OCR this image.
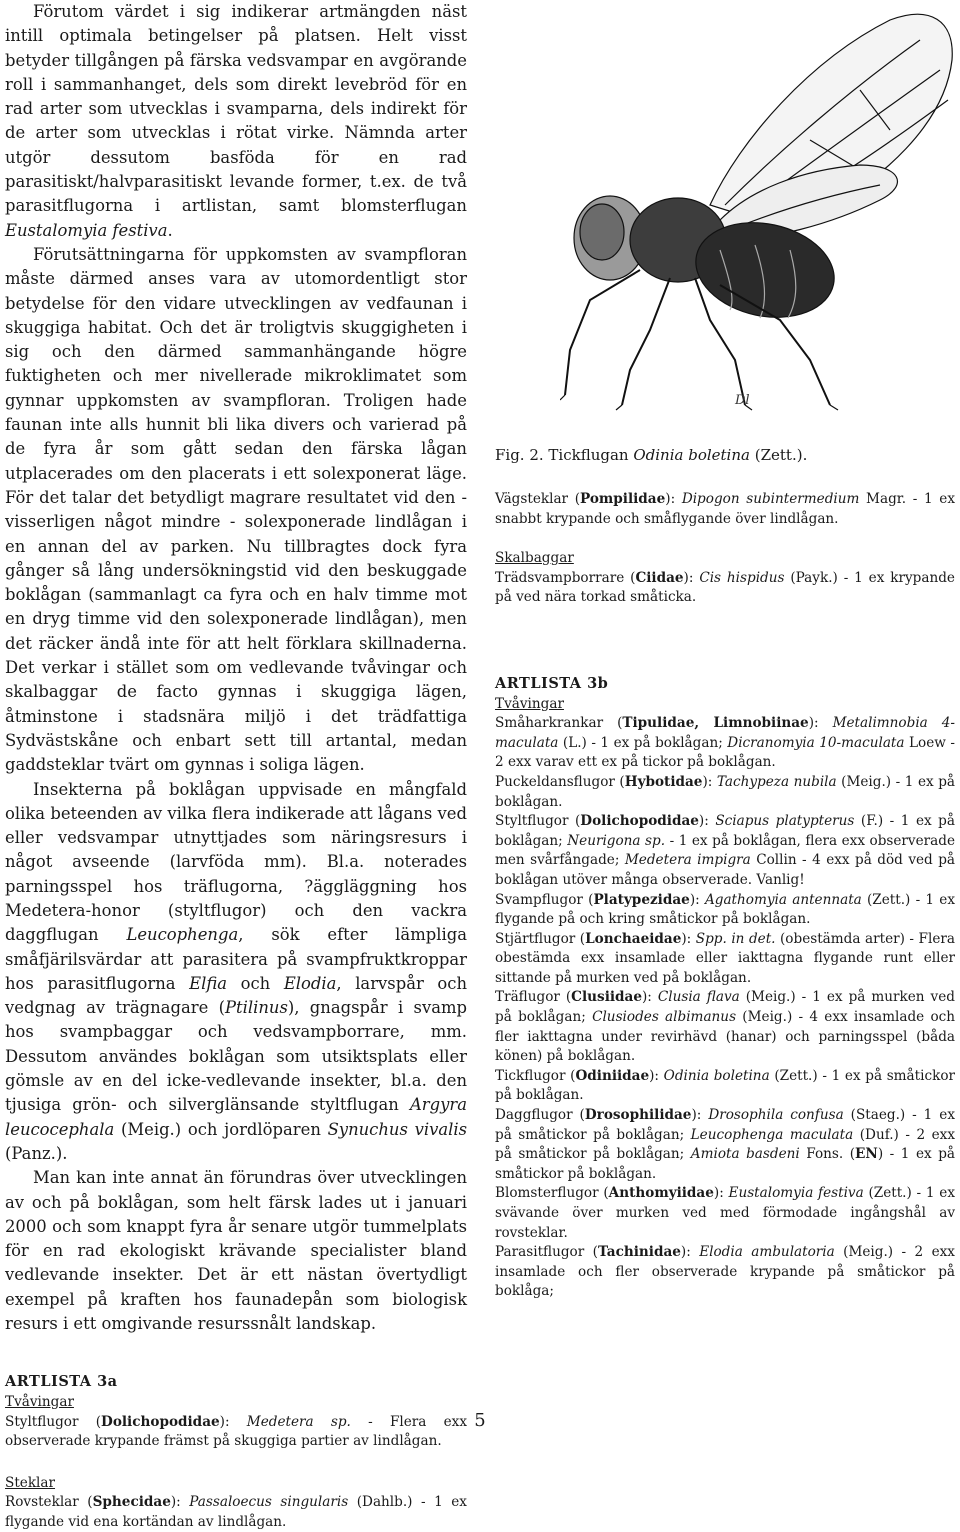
Förutom värdet i sig indikerar artmängden näst intill optimala betingelser på platsen. Helt visst betyder tillgången på färska vedsvampar en avgörande roll i sammanhanget, dels som direkt levebröd för en rad arter som utvecklas i svamparna, dels indirekt för de arter som utvecklas i rötat virke. Nämnda arter utgör dessutom basföda för en rad parasitiskt/halvparasitiskt levande former, t.ex. de två parasitflugorna i artlistan, samt blomsterflugan Eustalomyia festiva.

Förutsättningarna för uppkomsten av svampfloran måste därmed anses vara av utomordentligt stor betydelse för den vidare utvecklingen av vedfaunan i skuggiga habitat. Och det är troligtvis skuggigheten i sig och den därmed sammanhängande högre fuktigheten och mer nivellerade mikroklimatet som gynnar uppkomsten av svampfloran. Troligen hade faunan inte alls hunnit bli lika divers och varierad på de fyra år som gått sedan den färska lågan utplacerades om den placerats i ett solexponerat läge. För det talar det betydligt magrare resultatet vid den - visserligen något mindre - solexponerade lindlågan i en annan del av parken. Nu tillbragtes dock fyra gånger så lång undersökningstid vid den beskuggade boklågan (sammanlagt ca fyra och en halv timme mot en dryg timme vid den solexponerade lindlågan), men det räcker ändå inte för att helt förklara skillnaderna. Det verkar i stället som om vedlevande tvåvingar och skalbaggar de facto gynnas i skuggiga lägen, åtminstone i stadsnära miljö i det trädfattiga Sydvästskåne och enbart sett till artantal, medan gaddsteklar tvärt om gynnas i soliga lägen.

Insekterna på boklågan uppvisade en mångfald olika beteenden av vilka flera indikerade att lågans ved eller vedsvampar utnyttjades som näringsresurs i något avseende (larvföda mm). Bl.a. noterades parningsspel hos träflugorna, ?äggläggning hos Medetera-honor (styltflugor) och den vackra daggflugan Leucophenga, sök efter lämpliga småfjärilsvärdar att parasitera på svampfruktkroppar hos parasitflugorna Elfia och Elodia, larvspår och vedgnag av trägnagare (Ptilinus), gnagspår i svamp hos svampbaggar och vedsvampborrare, mm. Dessutom användes boklågan som utsiktsplats eller gömsle av en del icke-vedlevande insekter, bl.a. den tjusiga grön- och silverglänsande styltflugan Argyra leucocephala (Meig.) och jordlöparen Synuchus vivalis (Panz.).

Man kan inte annat än förundras över utvecklingen av och på boklågan, som helt färsk lades ut i januari 2000 och som knappt fyra år senare utgör tummelplats för en rad ekologiskt krävande specialister bland vedlevande insekter. Det är ett nästan övertydligt exempel på kraften hos faunadepån som biologisk resurs i ett omgivande resurssnålt landskap.

ARTLISTA 3a

Tvåvingar

Styltflugor (Dolichopodidae): Medetera sp. - Flera exx observerade krypande främst på skuggiga partier av lindlågan.

Steklar

Rovsteklar (Sphecidae): Passaloecus singularis (Dahlb.) - 1 ex flygande vid ena kortändan av lindlågan.

Dl

Fig. 2. Tickflugan Odinia boletina (Zett.).

Vägsteklar (Pompilidae): Dipogon subintermedium Magr. - 1 ex snabbt krypande och småflygande över lindlågan.

Skalbaggar

Trädsvampborrare (Ciidae): Cis hispidus (Payk.) - 1 ex krypande på ved nära torkad småticka.

ARTLISTA 3b

Tvåvingar

Småharkrankar (Tipulidae, Limnobiinae): Metalimnobia 4-maculata (L.) - 1 ex på boklågan; Dicranomyia 10-maculata Loew - 2 exx varav ett ex på tickor på boklågan.

Puckeldansflugor (Hybotidae): Tachypeza nubila (Meig.) - 1 ex på boklågan.

Styltflugor (Dolichopodidae): Sciapus platypterus (F.) - 1 ex på boklågan; Neurigona sp. - 1 ex på boklågan, flera exx observerade men svårfångade; Medetera impigra Collin - 4 exx på död ved på boklågan utöver många observerade. Vanlig!

Svampflugor (Platypezidae): Agathomyia antennata (Zett.) - 1 ex flygande på och kring småtickor på boklågan.

Stjärtflugor (Lonchaeidae): Spp. in det. (obestämda arter) - Flera obestämda exx insamlade eller iakttagna flygande runt eller sittande på murken ved på boklågan.

Träflugor (Clusiidae): Clusia flava (Meig.) - 1 ex på murken ved på boklågan; Clusiodes albimanus (Meig.) - 4 exx insamlade och fler iakttagna under revirhävd (hanar) och parningsspel (båda könen) på boklågan.

Tickflugor (Odiniidae): Odinia boletina (Zett.) - 1 ex på småtickor på boklågan.

Daggflugor (Drosophilidae): Drosophila confusa (Staeg.) - 1 ex på småtickor på boklågan; Leucophenga maculata (Duf.) - 2 exx på småtickor på boklågan; Amiota basdeni Fons. (EN) - 1 ex på småtickor på boklågan.

Blomsterflugor (Anthomyiidae): Eustalomyia festiva (Zett.) - 1 ex svävande över murken ved med förmodade ingångshål av rovsteklar.

Parasitflugor (Tachinidae): Elodia ambulatoria (Meig.) - 2 exx insamlade och fler observerade krypande på småtickor på boklåga;

5
